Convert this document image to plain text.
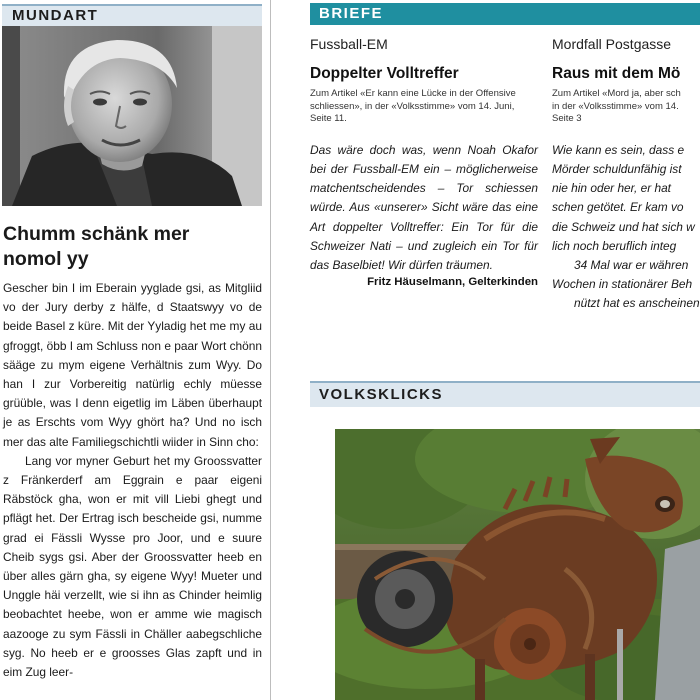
MUNDART
Chumm schänk mer
nomol yy

Gescher bin I im Eberain yyglade gsi, as Mitgliid vo der Jury derby z hälfe, d Staatswyy vo de beide Basel z küre. Mit der Yyladig het me my au gfroggt, öbb I am Schluss non e paar Wort chönn sääge zu mym eigene Verhältnis zum Wyy. Do han I zur Vorbereitig natürlig echly müesse grüüble, was I denn eigetlig im Läben überhaupt je as Erschts vom Wyy ghört ha? Und no isch mer das alte Familiegschichtli wiider in Sinn cho:

Lang vor myner Geburt het my Groossvatter z Fränkerderf am Eggrain e paar eigeni Räbstöck gha, won er mit vill Liebi ghegt und pflägt het. Der Ertrag isch bescheide gsi, numme grad ei Fässli Wysse pro Joor, und e suure Cheib sygs gsi. Aber der Groossvatter heeb en über alles gärn gha, sy eigene Wyy! Mueter und Unggle häi verzellt, wie si ihn as Chinder heimlig beobachtet heebe, won er amme wie magisch aazooge zu sym Fässli in Chäller aabegschliche syg. No heeb er e groosses Glas zapft und in eim Zug leer-

BRIEFE
Fussball-EM
Doppelter Volltreffer
Zum Artikel «Er kann eine Lücke in der Offensive schliessen», in der «Volksstimme» vom 14. Juni, Seite 11.
Das wäre doch was, wenn Noah Okafor bei der Fussball-EM ein – möglicherweise matchentscheidendes – Tor schiessen würde. Aus «unserer» Sicht wäre das eine Art doppelter Volltreffer: Ein Tor für die Schweizer Nati – und zugleich ein Tor für das Baselbiet! Wir dürfen träumen.
Fritz Häuselmann, Gelterkinden
Mordfall Postgasse
Raus mit dem Mö
Zum Artikel «Mord ja, aber sch
in der «Volksstimme» vom 14.
Seite 3
Wie kann es sein, dass e
Mörder schuldunfähig ist
nie hin oder her, er hat
schen getötet. Er kam vo
die Schweiz und hat sich w
lich noch beruflich integ
34 Mal war er währen
Wochen in stationärer Beh
nützt hat es anscheinen
VOLKSKLICKS
